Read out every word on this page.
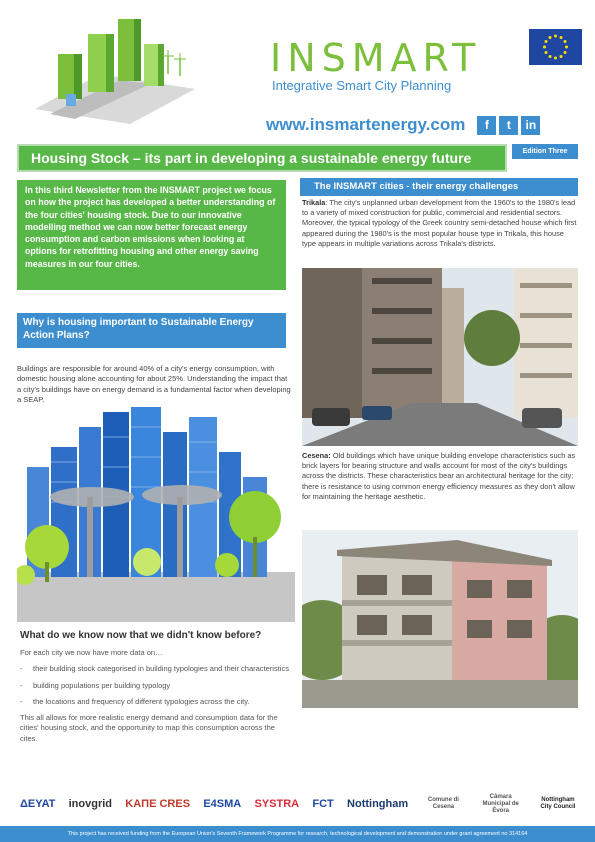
INSMART
Integrative Smart City Planning
www.insmartenergy.com	f	t	in
Housing Stock – its part in developing a sustainable energy future	Edition Three
In this third Newsletter from the INSMART project we focus on how the project has developed a better understanding of the four cities' housing stock. Due to our innovative modelling method we can now better forecast energy consumption and carbon emissions when looking at options for retrofitting housing and other energy saving measures in our four cities.
Why is housing important to Sustainable Energy Action Plans?
Buildings are responsible for around 40% of a city's energy consumption, with domestic housing alone accounting for about 25%. Understanding the impact that a city's buildings have on energy demand is a fundamental factor when developing a SEAP.
What do we know now that we didn't know before?

For each city we now have more data on…

-	their building stock categorised in building typologies and their characteristics
-	building populations per building typology
-	the locations and frequency of different typologies across the city.

This all allows for more realistic energy demand and consumption data for the cities' housing stock, and the opportunity to map this consumption across the cites.

The INSMART cities - their energy challenges
Trikala: The city's unplanned urban development from the 1960's to the 1980's lead to a variety of mixed construction for public, commercial and residential sectors. Moreover, the typical typology of the Greek country semi-detached house which first appeared during the 1980's is the most popular house type in Trikala, this house type appears in multiple variations across Trikala's districts.
Cesena: Old buildings which have unique building envelope characteristics such as brick layers for bearing structure and walls account for most of the city's buildings across the districts. These characteristics bear an architectural heritage for the city; there is resistance to using common energy efficiency measures as they don't allow for maintaining the heritage aesthetic.
ΔΕΥΑΤ inovgrid KAΠE CRES E4SMA SYSTRA FCT Nottingham	Comune di Cesena
Câmara Municipal de Évora
Nottingham City Council
This project has received funding from the European Union's Seventh Framework Programme for research, technological development and demonstration under grant agreement no 314164
